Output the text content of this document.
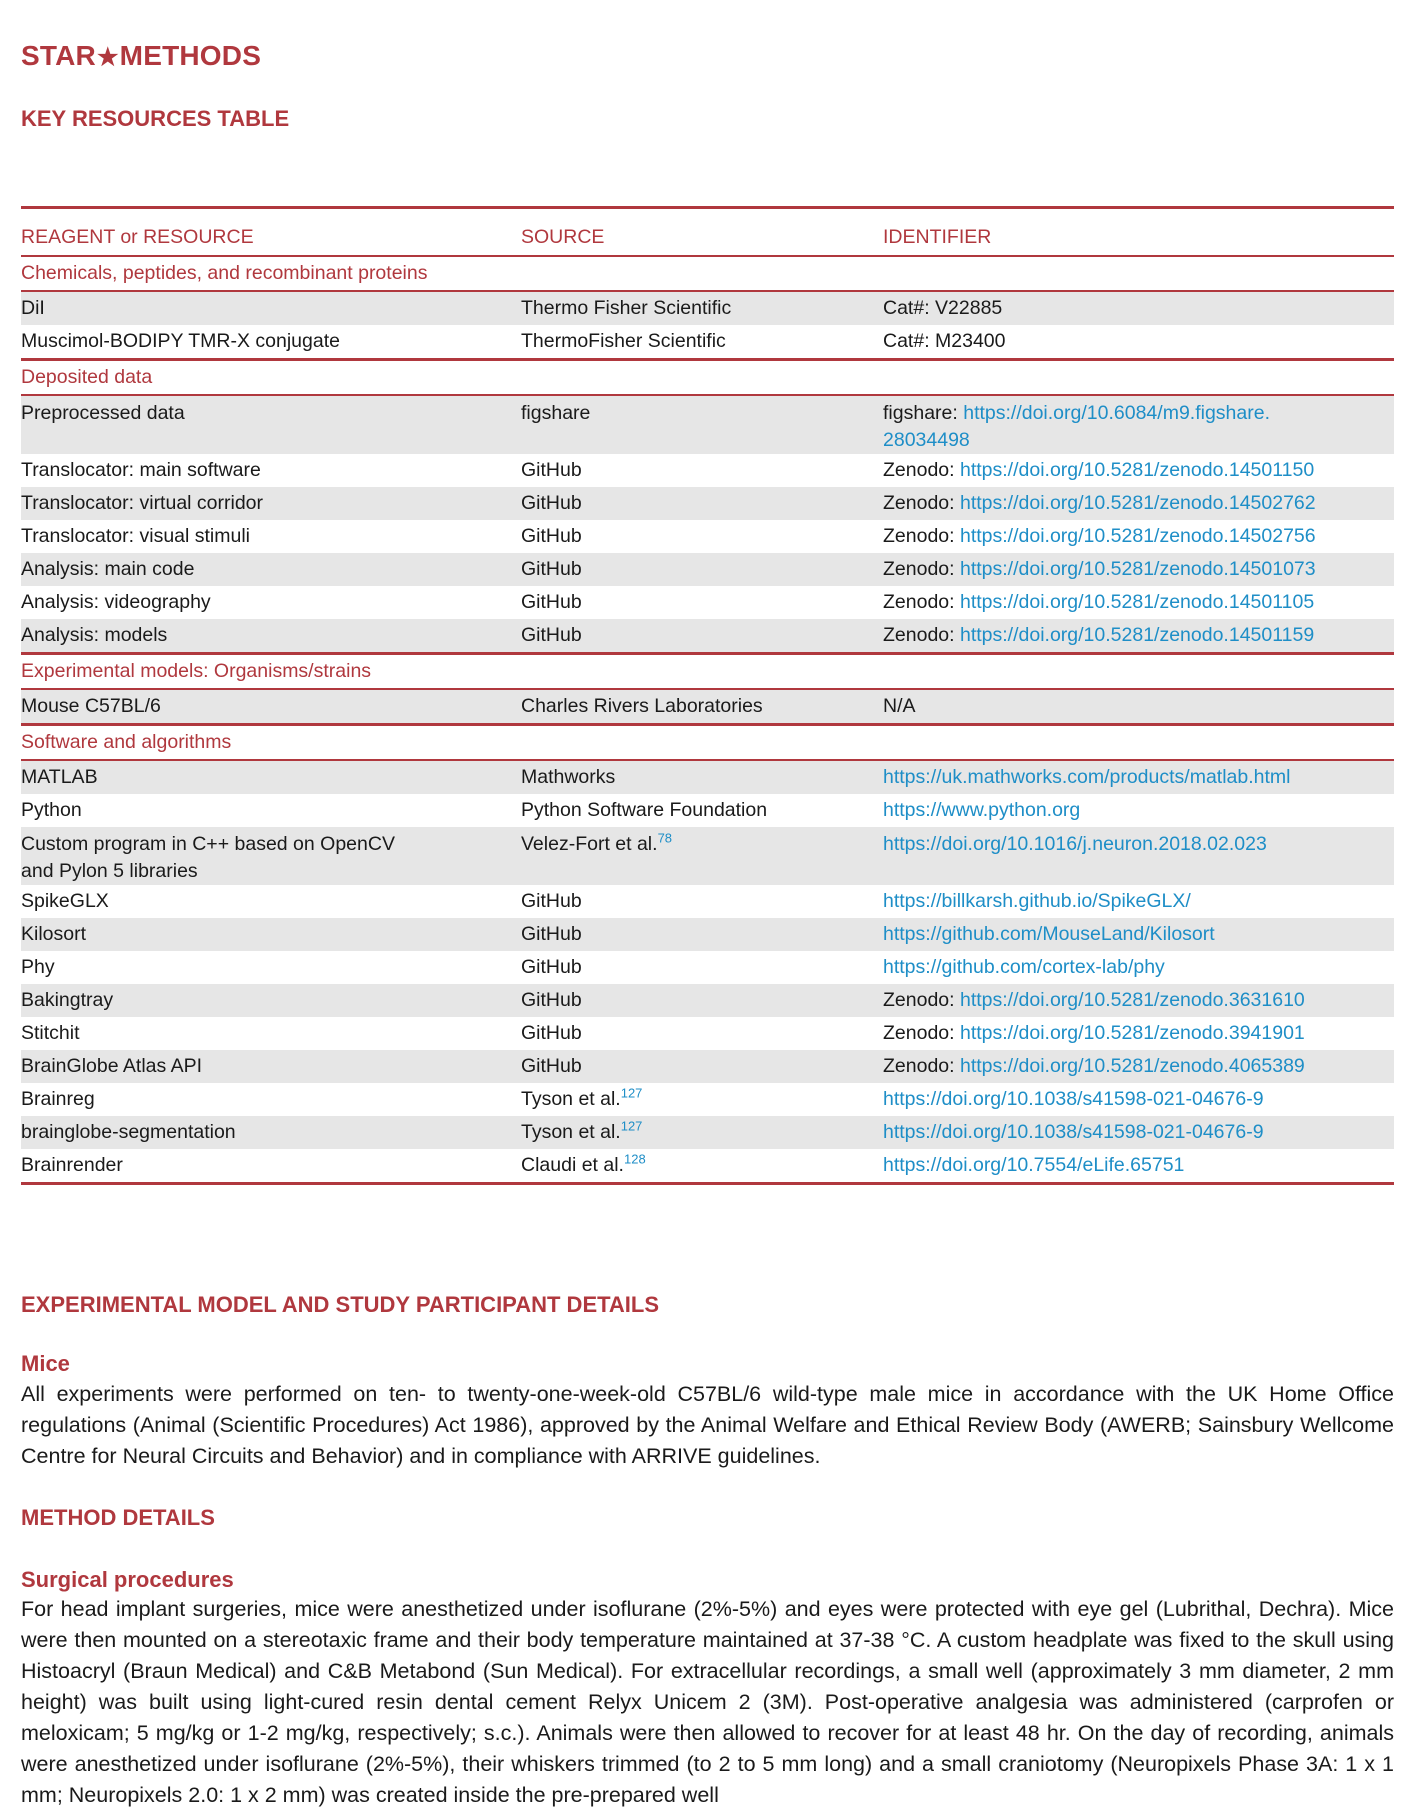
STAR★METHODS
KEY RESOURCES TABLE
REAGENT or RESOURCE	SOURCE	IDENTIFIER
Chemicals, peptides, and recombinant proteins		
DiI	Thermo Fisher Scientific	Cat#: V22885
Muscimol-BODIPY TMR-X conjugate	ThermoFisher Scientific	Cat#: M23400
Deposited data		
Preprocessed data	figshare	figshare: https://doi.org/10.6084/m9.figshare.
28034498
Translocator: main software	GitHub	Zenodo: https://doi.org/10.5281/zenodo.14501150
Translocator: virtual corridor	GitHub	Zenodo: https://doi.org/10.5281/zenodo.14502762
Translocator: visual stimuli	GitHub	Zenodo: https://doi.org/10.5281/zenodo.14502756
Analysis: main code	GitHub	Zenodo: https://doi.org/10.5281/zenodo.14501073
Analysis: videography	GitHub	Zenodo: https://doi.org/10.5281/zenodo.14501105
Analysis: models	GitHub	Zenodo: https://doi.org/10.5281/zenodo.14501159
Experimental models: Organisms/strains		
Mouse C57BL/6	Charles Rivers Laboratories	N/A
Software and algorithms		
MATLAB	Mathworks	https://uk.mathworks.com/products/matlab.html
Python	Python Software Foundation	https://www.python.org
Custom program in C++ based on OpenCV
and Pylon 5 libraries	Velez-Fort et al.$^{78}$	https://doi.org/10.1016/j.neuron.2018.02.023
SpikeGLX	GitHub	https://billkarsh.github.io/SpikeGLX/
Kilosort	GitHub	https://github.com/MouseLand/Kilosort
Phy	GitHub	https://github.com/cortex-lab/phy
Bakingtray	GitHub	Zenodo: https://doi.org/10.5281/zenodo.3631610
Stitchit	GitHub	Zenodo: https://doi.org/10.5281/zenodo.3941901
BrainGlobe Atlas API	GitHub	Zenodo: https://doi.org/10.5281/zenodo.4065389
Brainreg	Tyson et al.$^{127}$	https://doi.org/10.1038/s41598-021-04676-9
brainglobe-segmentation	Tyson et al.$^{127}$	https://doi.org/10.1038/s41598-021-04676-9
Brainrender	Claudi et al.$^{128}$	https://doi.org/10.7554/eLife.65751
EXPERIMENTAL MODEL AND STUDY PARTICIPANT DETAILS
Mice

All experiments were performed on ten- to twenty-one-week-old C57BL/6 wild-type male mice in accordance with the UK Home Office regulations (Animal (Scientific Procedures) Act 1986), approved by the Animal Welfare and Ethical Review Body (AWERB; Sainsbury Wellcome Centre for Neural Circuits and Behavior) and in compliance with ARRIVE guidelines.

METHOD DETAILS
Surgical procedures

For head implant surgeries, mice were anesthetized under isoflurane (2%-5%) and eyes were protected with eye gel (Lubrithal, Dechra). Mice were then mounted on a stereotaxic frame and their body temperature maintained at 37-38 °C. A custom headplate was fixed to the skull using Histoacryl (Braun Medical) and C&B Metabond (Sun Medical). For extracellular recordings, a small well (approximately 3 mm diameter, 2 mm height) was built using light-cured resin dental cement Relyx Unicem 2 (3M). Post-operative analgesia was administered (carprofen or meloxicam; 5 mg/kg or 1-2 mg/kg, respectively; s.c.). Animals were then allowed to recover for at least 48 hr. On the day of recording, animals were anesthetized under isoflurane (2%-5%), their whiskers trimmed (to 2 to 5 mm long) and a small craniotomy (Neuropixels Phase 3A: 1 x 1 mm; Neuropixels 2.0: 1 x 2 mm) was created inside the pre-prepared well
